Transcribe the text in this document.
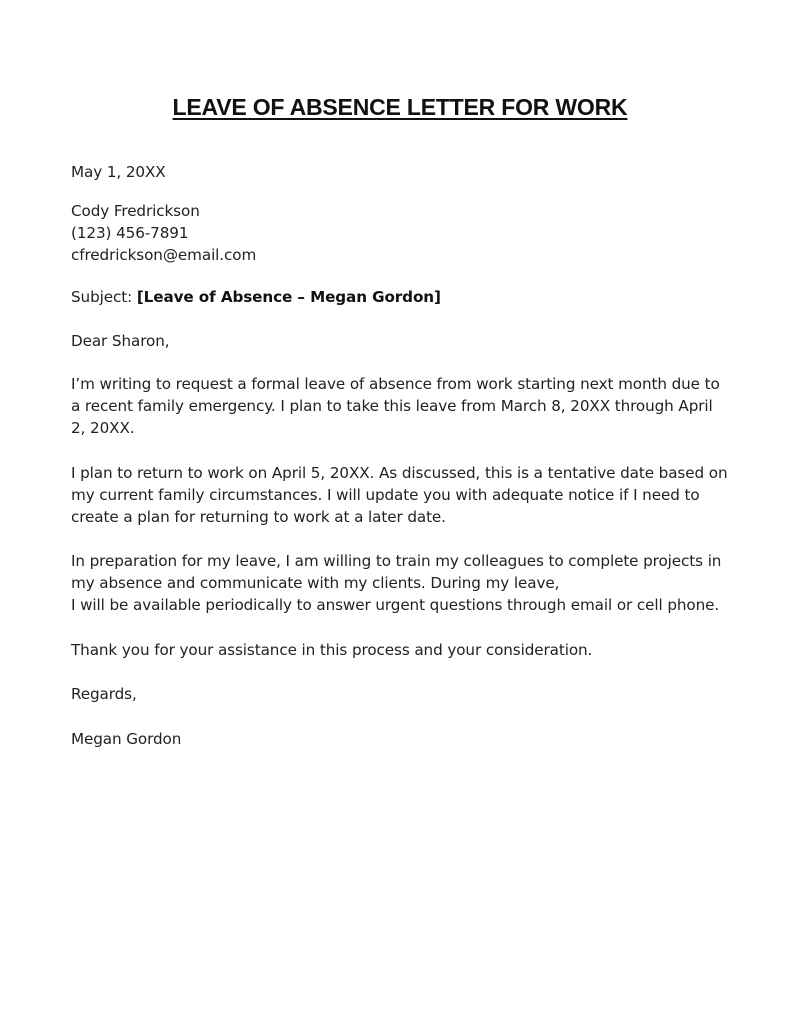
LEAVE OF ABSENCE LETTER FOR WORK
May 1, 20XX
Cody Fredrickson
(123) 456-7891
cfredrickson@email.com
Subject: [Leave of Absence – Megan Gordon]
Dear Sharon,
I’m writing to request a formal leave of absence from work starting next month due to
a recent family emergency. I plan to take this leave from March 8, 20XX through April
2, 20XX.
I plan to return to work on April 5, 20XX. As discussed, this is a tentative date based on
my current family circumstances. I will update you with adequate notice if I need to
create a plan for returning to work at a later date.
In preparation for my leave, I am willing to train my colleagues to complete projects in
my absence and communicate with my clients. During my leave,
I will be available periodically to answer urgent questions through email or cell phone.
Thank you for your assistance in this process and your consideration.
Regards,
Megan Gordon
